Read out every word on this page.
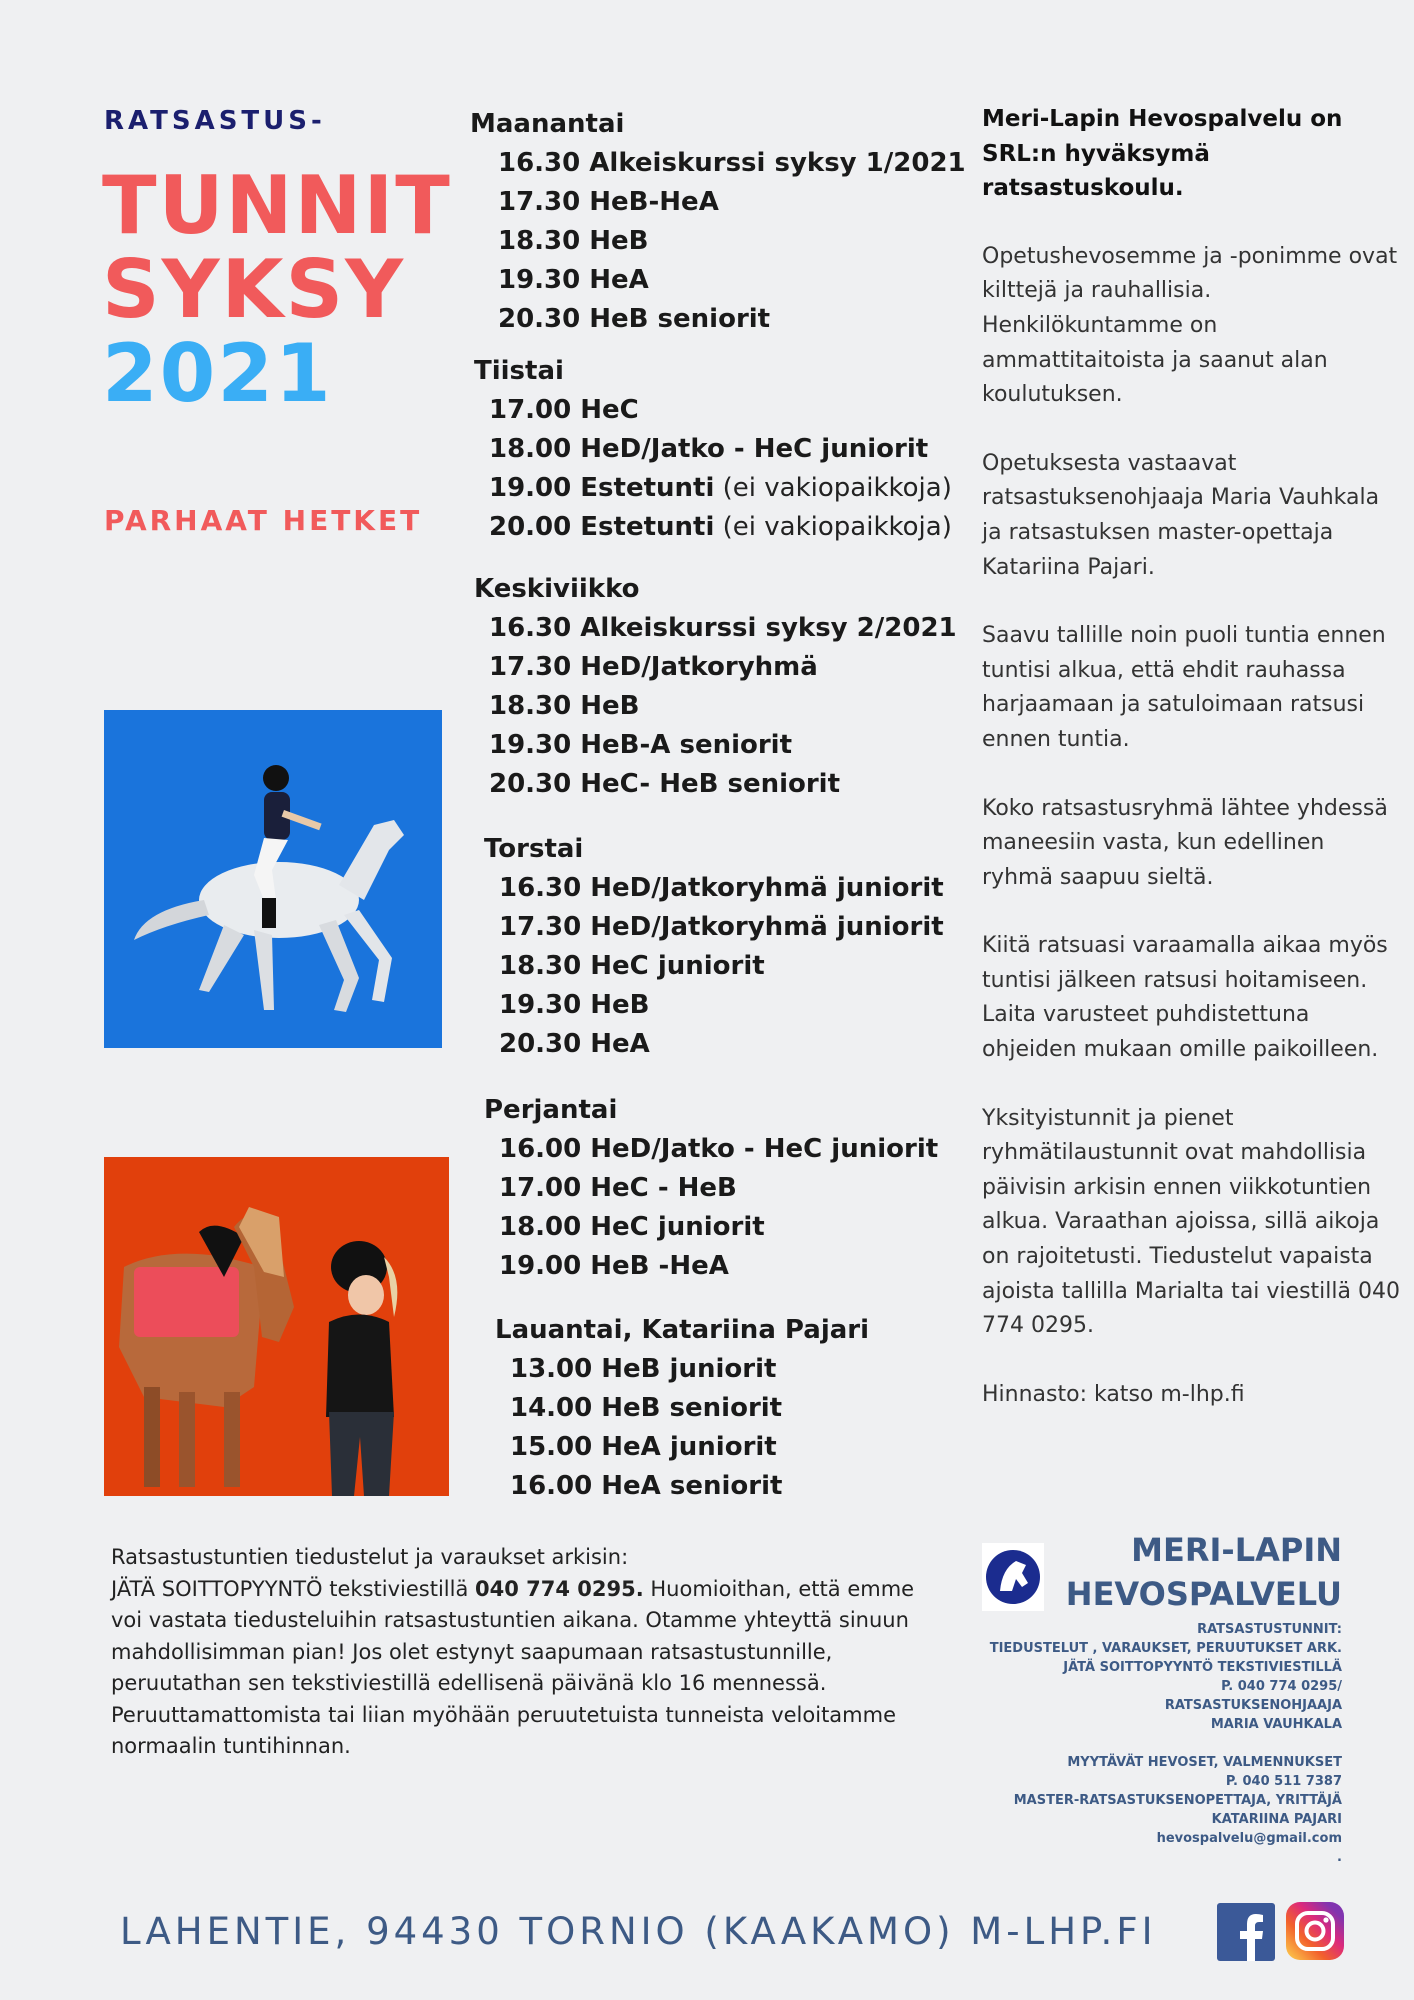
RATSASTUS-
TUNNIT
SYKSY
2021
PARHAAT HETKET
Maanantai
16.30 Alkeiskurssi syksy 1/2021
17.30 HeB-HeA
18.30 HeB
19.30 HeA
20.30 HeB seniorit
Tiistai
17.00 HeC
18.00 HeD/Jatko - HeC juniorit
19.00 Estetunti (ei vakiopaikkoja)
20.00 Estetunti (ei vakiopaikkoja)
Keskiviikko
16.30 Alkeiskurssi syksy 2/2021
17.30 HeD/Jatkoryhmä
18.30 HeB
19.30 HeB-A seniorit
20.30 HeC- HeB seniorit
Torstai
16.30 HeD/Jatkoryhmä juniorit
17.30 HeD/Jatkoryhmä juniorit
18.30 HeC juniorit
19.30 HeB
20.30 HeA
Perjantai
16.00 HeD/Jatko - HeC juniorit
17.00 HeC - HeB
18.00 HeC juniorit
19.00 HeB -HeA
Lauantai, Katariina Pajari
13.00 HeB juniorit
14.00 HeB seniorit
15.00 HeA juniorit
16.00 HeA seniorit

Meri-Lapin Hevospalvelu on SRL:n hyväksymä ratsastuskoulu.

Opetushevosemme ja -ponimme ovat kilttejä ja rauhallisia. Henkilökuntamme on ammattitaitoista ja saanut alan koulutuksen.

Opetuksesta vastaavat ratsastuksenohjaaja Maria Vauhkala ja ratsastuksen master-opettaja Katariina Pajari.

Saavu tallille noin puoli tuntia ennen tuntisi alkua, että ehdit rauhassa harjaamaan ja satuloimaan ratsusi ennen tuntia.

Koko ratsastusryhmä lähtee yhdessä maneesiin vasta, kun edellinen ryhmä saapuu sieltä.

Kiitä ratsuasi varaamalla aikaa myös tuntisi jälkeen ratsusi hoitamiseen. Laita varusteet puhdistettuna ohjeiden mukaan omille paikoilleen.

Yksityistunnit ja pienet ryhmätilaustunnit ovat mahdollisia päivisin arkisin ennen viikkotuntien alkua. Varaathan ajoissa, sillä aikoja on rajoitetusti. Tiedustelut vapaista ajoista tallilla Marialta tai viestillä 040 774 0295.

Hinnasto: katso m-lhp.fi

Ratsastustuntien tiedustelut ja varaukset arkisin:
JÄTÄ SOITTOPYYNTÖ tekstiviestillä 040 774 0295. Huomioithan, että emme voi vastata tiedusteluihin ratsastustuntien aikana. Otamme yhteyttä sinuun mahdollisimman pian! Jos olet estynyt saapumaan ratsastustunnille, peruutathan sen tekstiviestillä edellisenä päivänä klo 16 mennessä. Peruuttamattomista tai liian myöhään peruutetuista tunneista veloitamme normaalin tuntihinnan.
MERI-LAPIN
HEVOSPALVELU
RATSASTUSTUNNIT:
TIEDUSTELUT , VARAUKSET, PERUUTUKSET ARK.
JÄTÄ SOITTOPYYNTÖ TEKSTIVIESTILLÄ
P. 040 774 0295/
RATSASTUKSENOHJAAJA
MARIA VAUHKALA
MYYTÄVÄT HEVOSET, VALMENNUKSET
P. 040 511 7387
MASTER-RATSASTUKSENOPETTAJA, YRITTÄJÄ
KATARIINA PAJARI
hevospalvelu@gmail.com
.
LAHENTIE, 94430 TORNIO (KAAKAMO) M-LHP.FI
